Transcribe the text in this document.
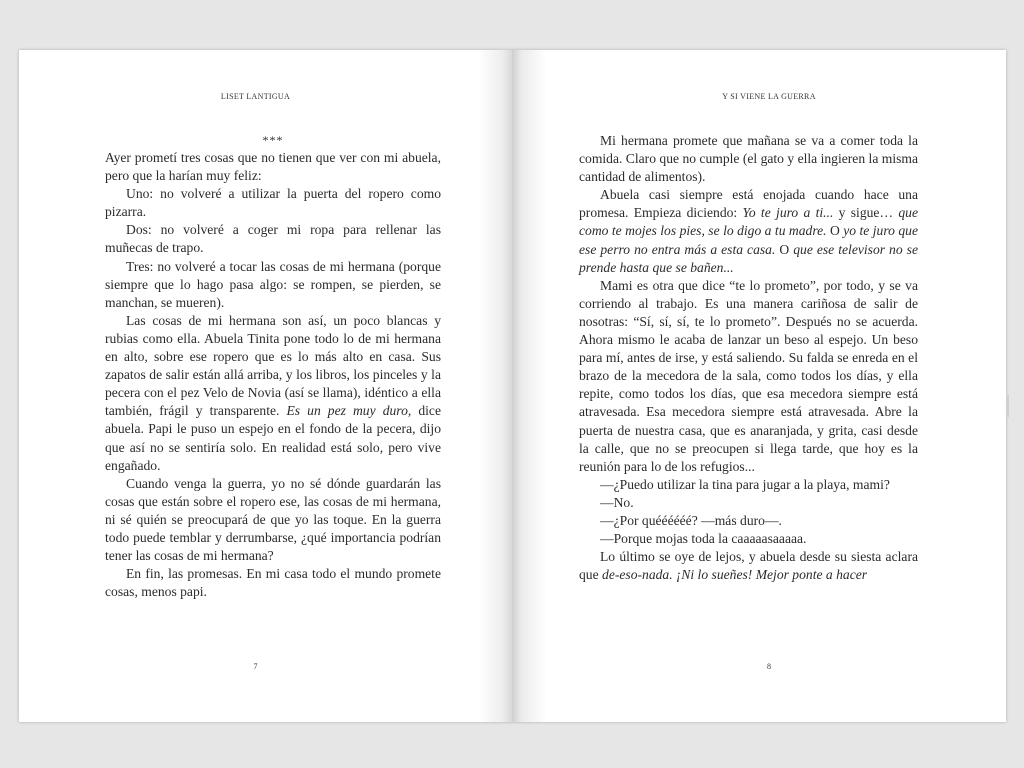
LISET LANTIGUA
***

Ayer prometí tres cosas que no tienen que ver con mi abuela, pero que la harían muy feliz:

Uno: no volveré a utilizar la puerta del ropero como pizarra.

Dos: no volveré a coger mi ropa para rellenar las muñecas de trapo.

Tres: no volveré a tocar las cosas de mi hermana (porque siempre que lo hago pasa algo: se rompen, se pierden, se manchan, se mueren).

Las cosas de mi hermana son así, un poco blancas y rubias como ella. Abuela Tinita pone todo lo de mi hermana en alto, sobre ese ropero que es lo más alto en casa. Sus zapatos de salir están allá arriba, y los libros, los pinceles y la pecera con el pez Velo de Novia (así se llama), idéntico a ella también, frágil y transparente. Es un pez muy duro, dice abuela. Papi le puso un espejo en el fondo de la pecera, dijo que así no se sentiría solo. En realidad está solo, pero vive engañado.

Cuando venga la guerra, yo no sé dónde guardarán las cosas que están sobre el ropero ese, las cosas de mi hermana, ni sé quién se preocupará de que yo las toque. En la guerra todo puede temblar y derrumbarse, ¿qué importancia podrían tener las cosas de mi hermana?

En fin, las promesas. En mi casa todo el mundo promete cosas, menos papi.

7
Y SI VIENE LA GUERRA

Mi hermana promete que mañana se va a comer toda la comida. Claro que no cumple (el gato y ella ingieren la misma cantidad de alimentos).

Abuela casi siempre está enojada cuando hace una promesa. Empieza diciendo: Yo te juro a ti... y sigue… que como te mojes los pies, se lo digo a tu madre. O yo te juro que ese perro no entra más a esta casa. O que ese televisor no se prende hasta que se bañen...

Mami es otra que dice “te lo prometo”, por todo, y se va corriendo al trabajo. Es una manera cariñosa de salir de nosotras: “Sí, sí, sí, te lo prometo”. Después no se acuerda. Ahora mismo le acaba de lanzar un beso al espejo. Un beso para mí, antes de irse, y está saliendo. Su falda se enreda en el brazo de la mecedora de la sala, como todos los días, y ella repite, como todos los días, que esa mecedora siempre está atravesada. Esa mecedora siempre está atravesada. Abre la puerta de nuestra casa, que es anaranjada, y grita, casi desde la calle, que no se preocupen si llega tarde, que hoy es la reunión para lo de los refugios...

—¿Puedo utilizar la tina para jugar a la playa, mami?

—No.

—¿Por quéééééé? —más duro—.

—Porque mojas toda la caaaaasaaaaa.

Lo último se oye de lejos, y abuela desde su siesta aclara que de-eso-nada. ¡Ni lo sueñes! Mejor ponte a hacer

8
